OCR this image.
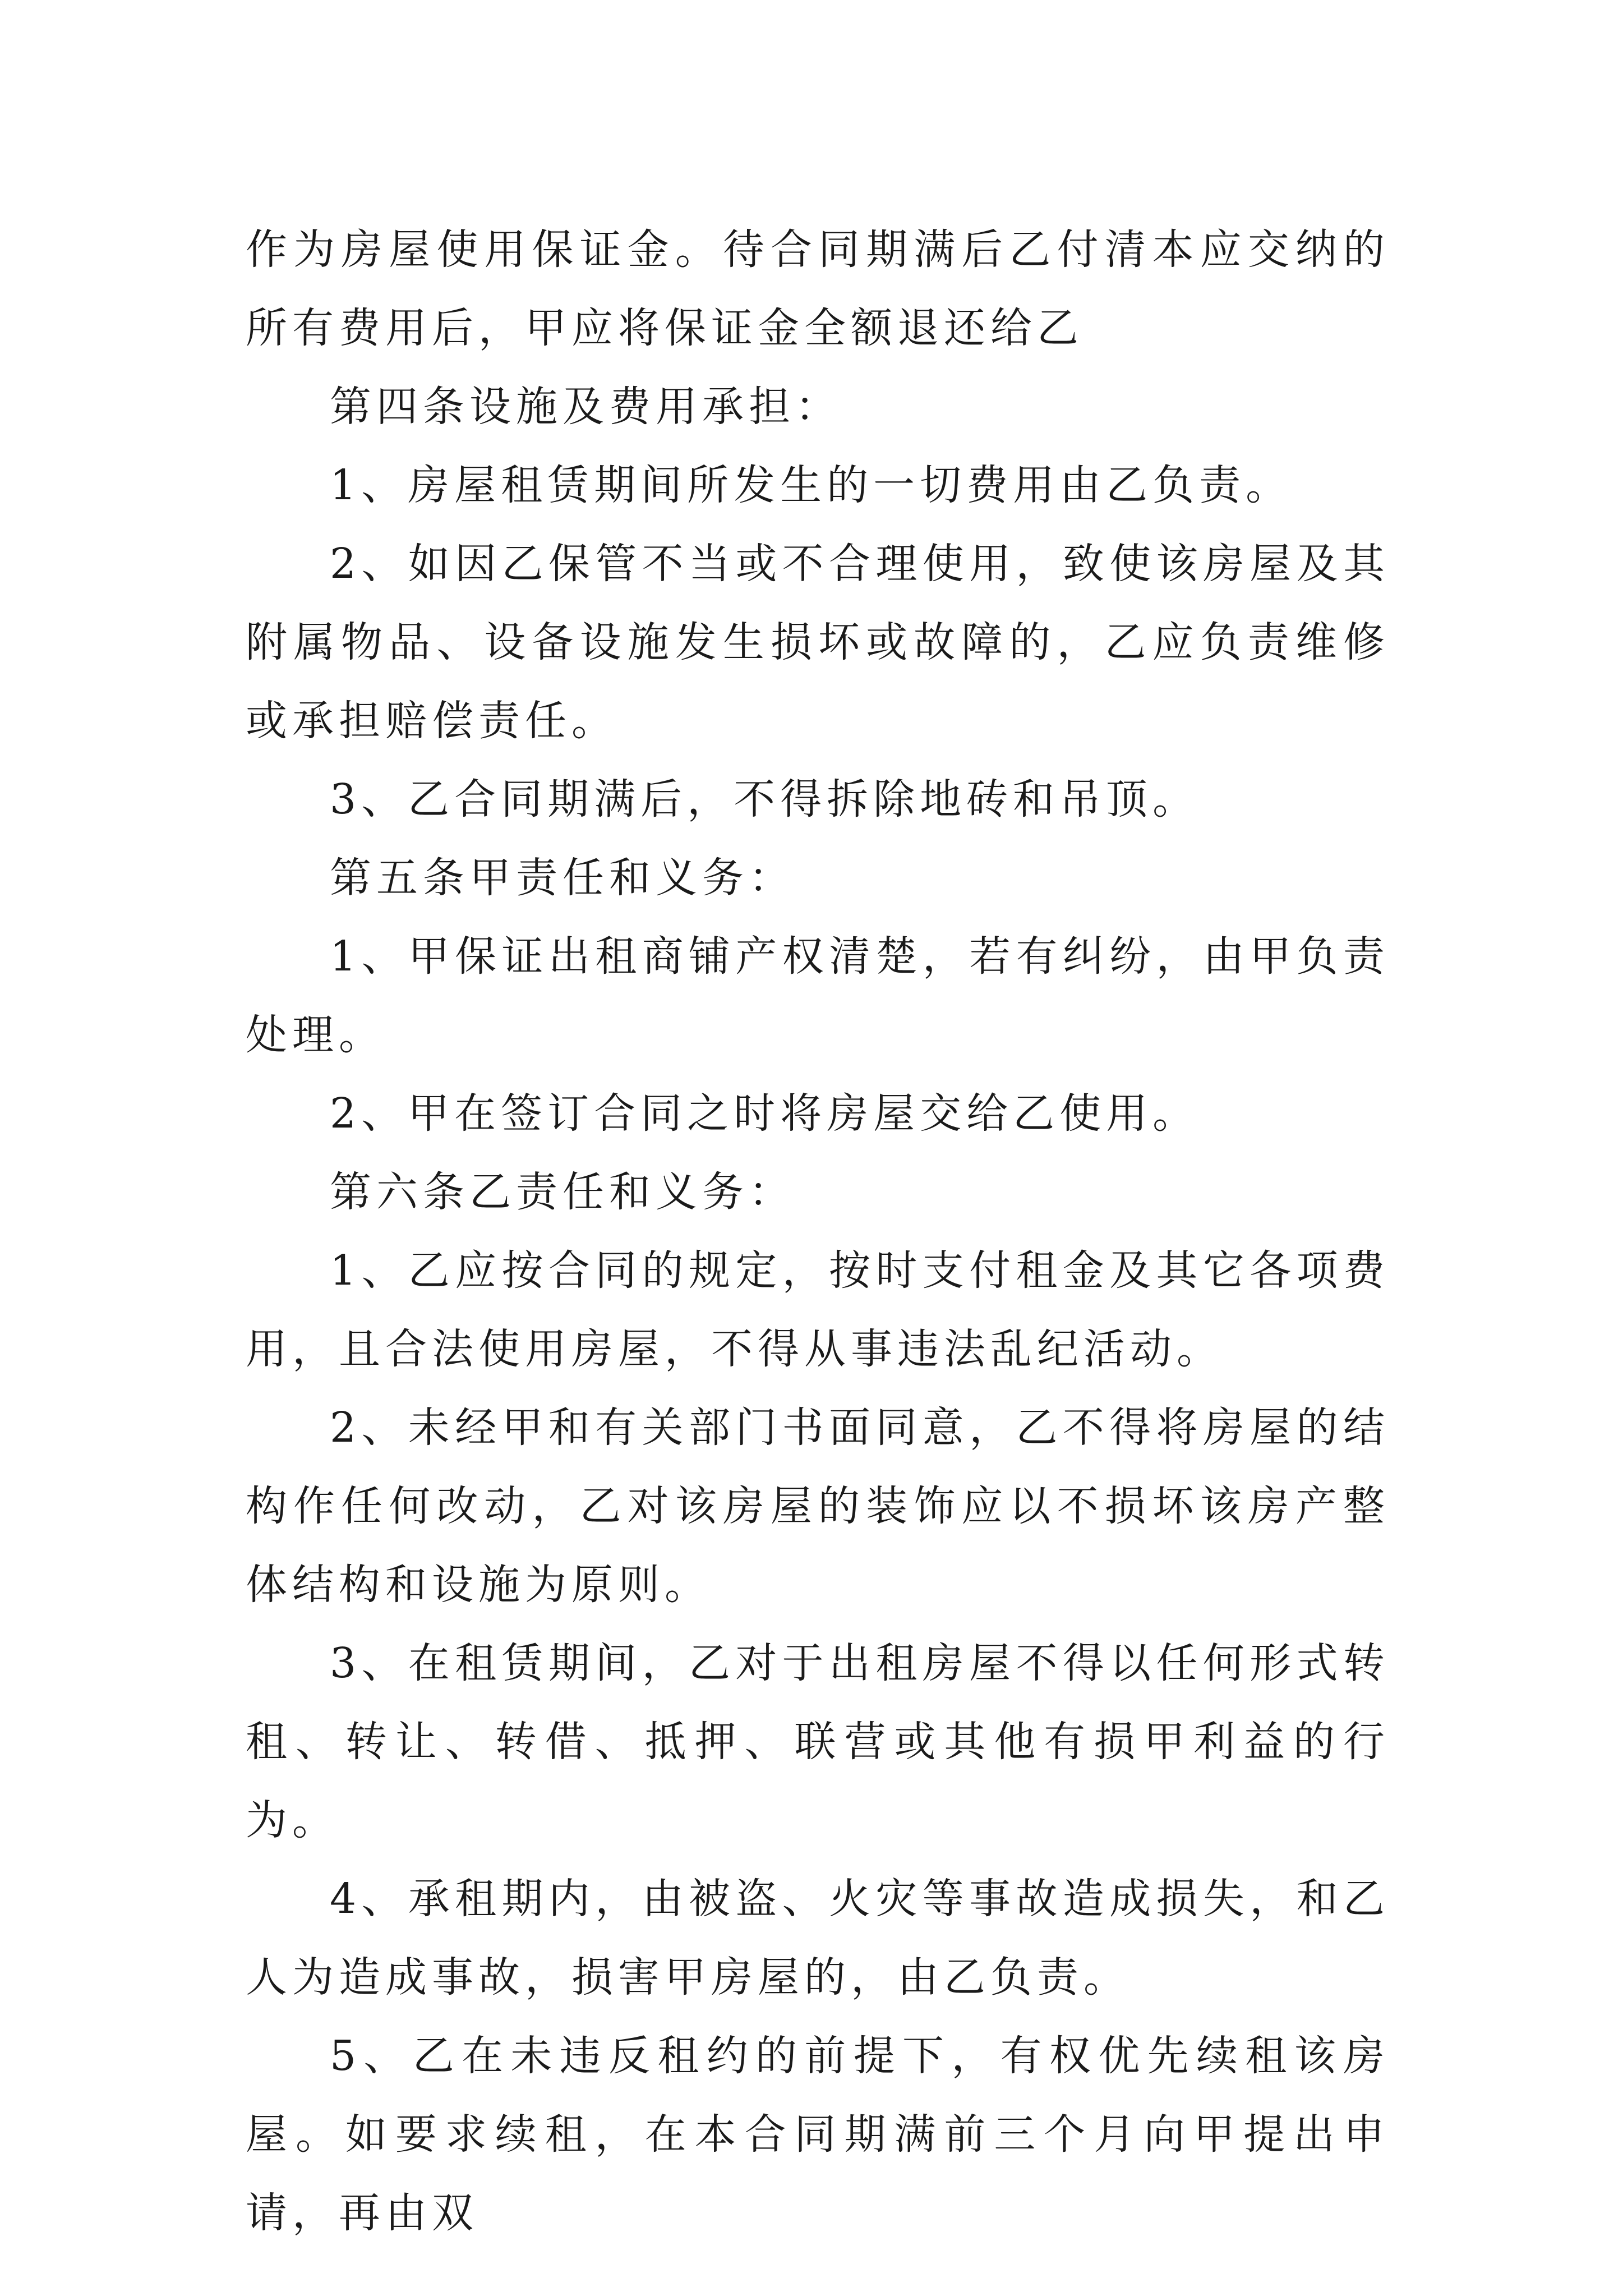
作为房屋使用保证金。待合同期满后乙付清本应交纳的所有费用后，甲应将保证金全额退还给乙

第四条设施及费用承担：

1、房屋租赁期间所发生的一切费用由乙负责。

2、如因乙保管不当或不合理使用，致使该房屋及其附属物品、设备设施发生损坏或故障的，乙应负责维修或承担赔偿责任。

3、乙合同期满后，不得拆除地砖和吊顶。

第五条甲责任和义务：

1、甲保证出租商铺产权清楚，若有纠纷，由甲负责处理。

2、甲在签订合同之时将房屋交给乙使用。

第六条乙责任和义务：

1、乙应按合同的规定，按时支付租金及其它各项费用，且合法使用房屋，不得从事违法乱纪活动。

2、未经甲和有关部门书面同意，乙不得将房屋的结构作任何改动，乙对该房屋的装饰应以不损坏该房产整体结构和设施为原则。

3、在租赁期间，乙对于出租房屋不得以任何形式转租、转让、转借、抵押、联营或其他有损甲利益的行为。

4、承租期内，由被盗、火灾等事故造成损失，和乙人为造成事故，损害甲房屋的，由乙负责。

5、乙在未违反租约的前提下，有权优先续租该房屋。如要求续租，在本合同期满前三个月向甲提出申请，再由双
